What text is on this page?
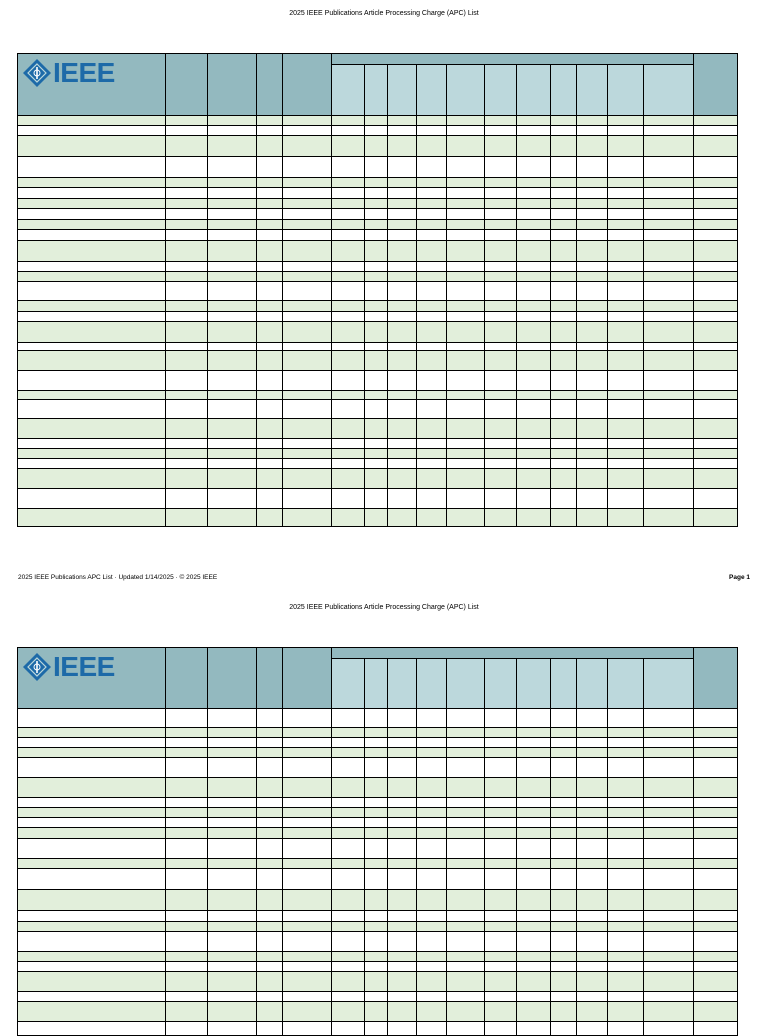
2025 IEEE Publications Article Processing Charge (APC) List
IEEE																

2025 IEEE Publications APC List · Updated 1/14/2025 · © 2025 IEEE	Page 1
2025 IEEE Publications Article Processing Charge (APC) List
IEEE																
